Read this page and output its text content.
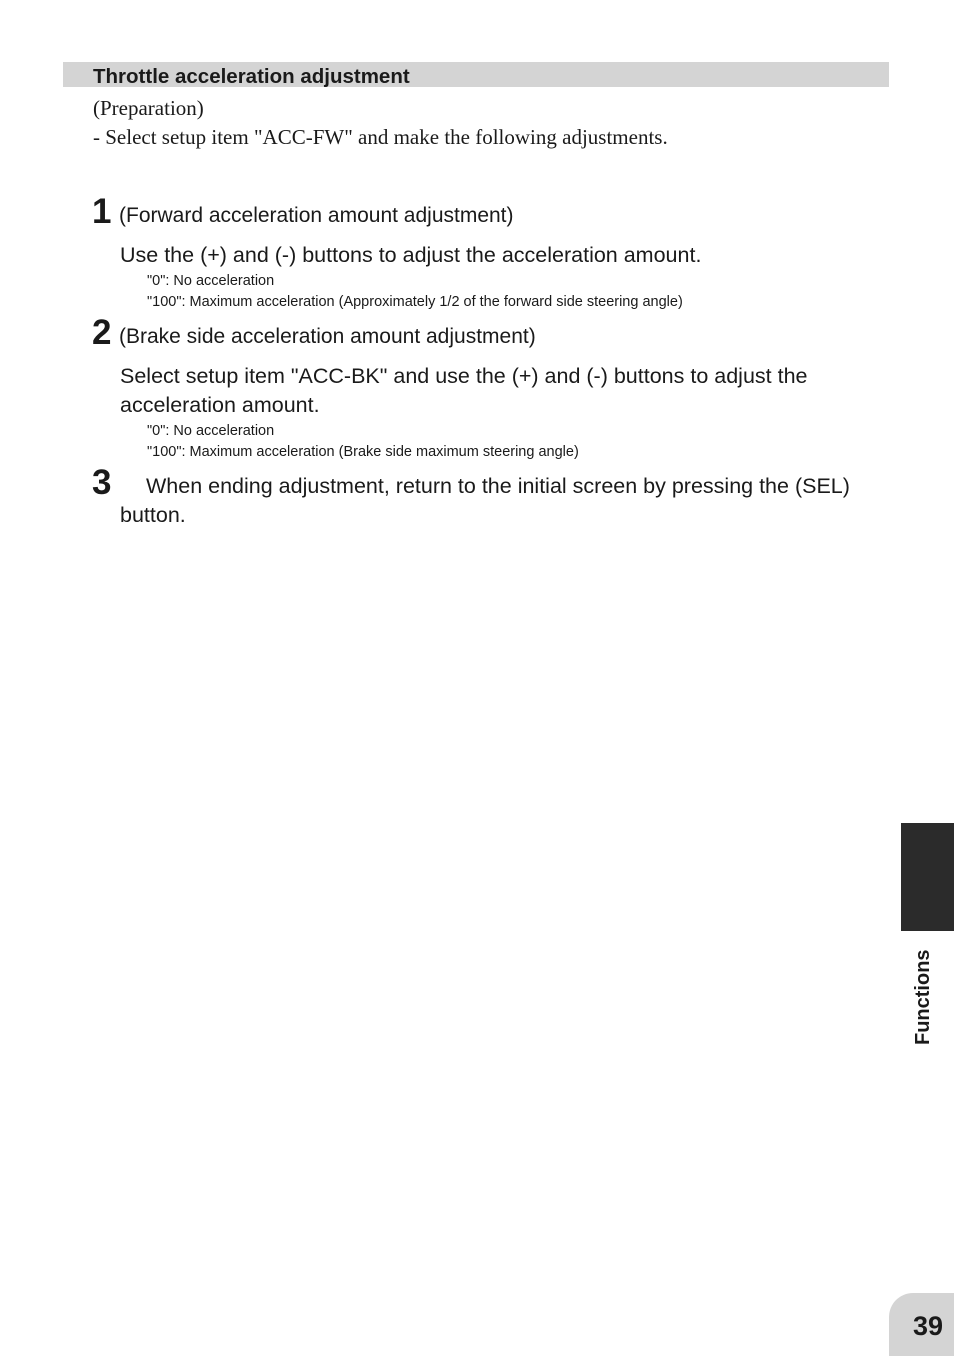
Throttle acceleration adjustment
(Preparation)
- Select setup item "ACC-FW" and make the following adjustments.
1 (Forward acceleration amount adjustment)
Use the (+) and (-) buttons to adjust the acceleration amount.
"0": No acceleration
"100": Maximum acceleration (Approximately 1/2 of the forward side steering angle)
2 (Brake side acceleration amount adjustment)
Select setup item "ACC-BK" and use the (+) and (-) buttons to adjust the acceleration amount.
"0": No acceleration
"100": Maximum acceleration (Brake side maximum steering angle)
3	When ending adjustment, return to the initial screen by pressing the (SEL) button.
Functions
39
